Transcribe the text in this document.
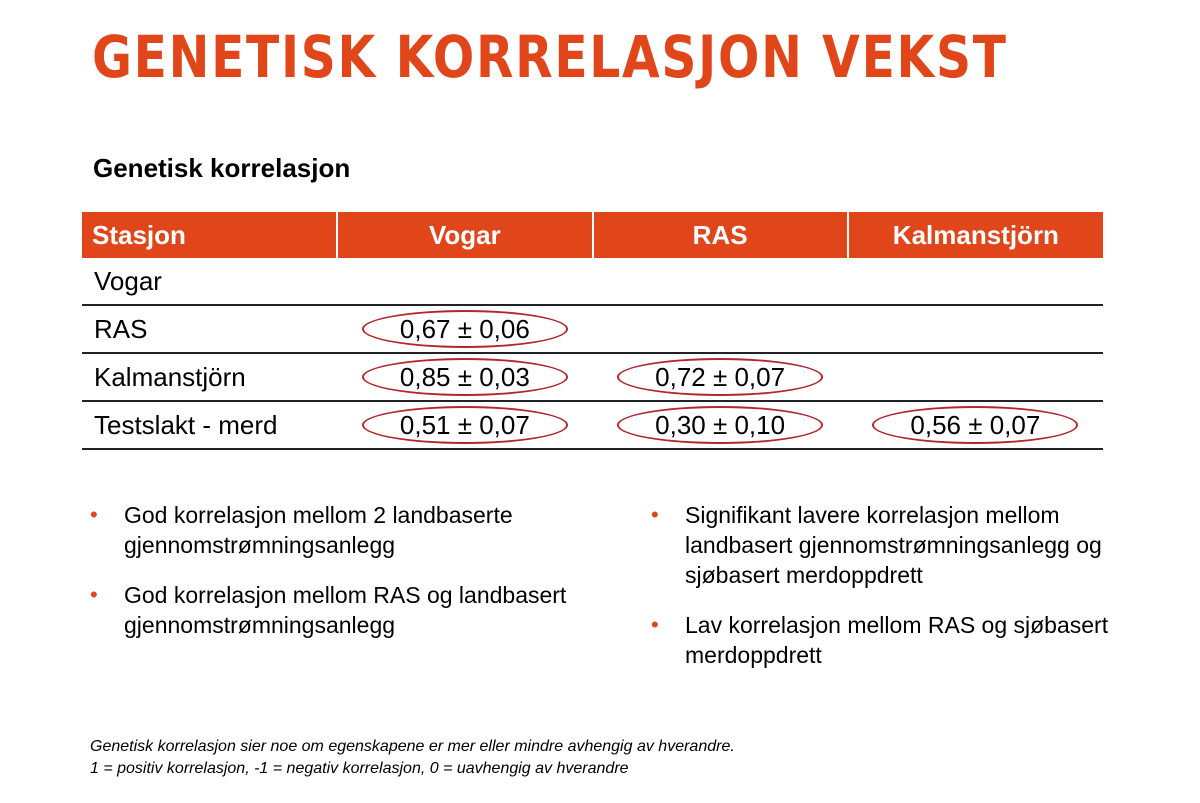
GENETISK KORRELASJON VEKST
Genetisk korrelasjon
Stasjon	Vogar	RAS	Kalmanstjörn
Vogar			
RAS	0,67 ± 0,06

Kalmanstjörn	0,85 ± 0,03	0,72 ± 0,07

Testslakt - merd	0,51 ± 0,07	0,30 ± 0,10	0,56 ± 0,07
• God korrelasjon mellom 2 landbaserte gjennomstrømningsanlegg
• God korrelasjon mellom RAS og landbasert gjennomstrømningsanlegg
• Signifikant lavere korrelasjon mellom landbasert gjennomstrømningsanlegg og sjøbasert merdoppdrett
• Lav korrelasjon mellom RAS og sjøbasert merdoppdrett
Genetisk korrelasjon sier noe om egenskapene er mer eller mindre avhengig av hverandre.
1 = positiv korrelasjon, -1 = negativ korrelasjon, 0 = uavhengig av hverandre
